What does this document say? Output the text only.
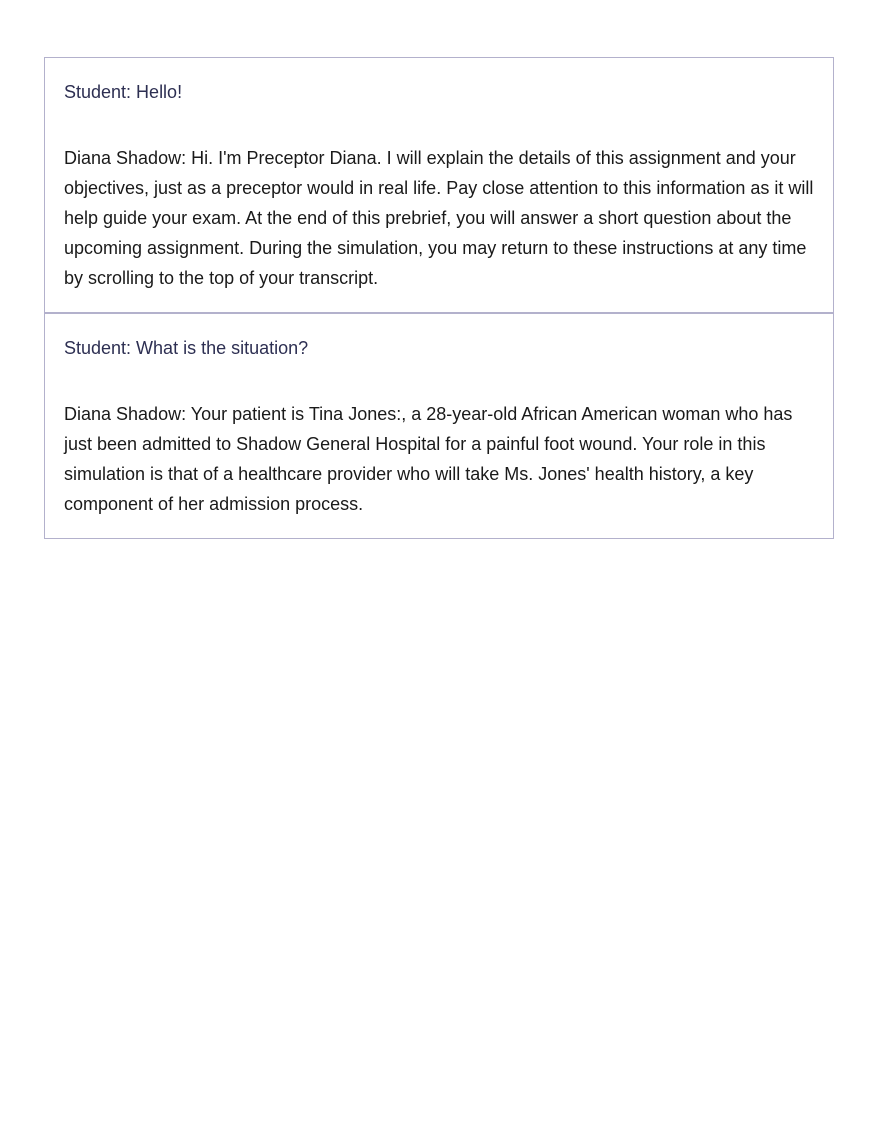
Student: Hello!

Diana Shadow: Hi. I'm Preceptor Diana. I will explain the details of this assignment and your objectives, just as a preceptor would in real life. Pay close attention to this information as it will help guide your exam. At the end of this prebrief, you will answer a short question about the upcoming assignment. During the simulation, you may return to these instructions at any time by scrolling to the top of your transcript.

Student: What is the situation?

Diana Shadow: Your patient is Tina Jones:, a 28-year-old African American woman who has just been admitted to Shadow General Hospital for a painful foot wound. Your role in this simulation is that of a healthcare provider who will take Ms. Jones' health history, a key component of her admission process.
